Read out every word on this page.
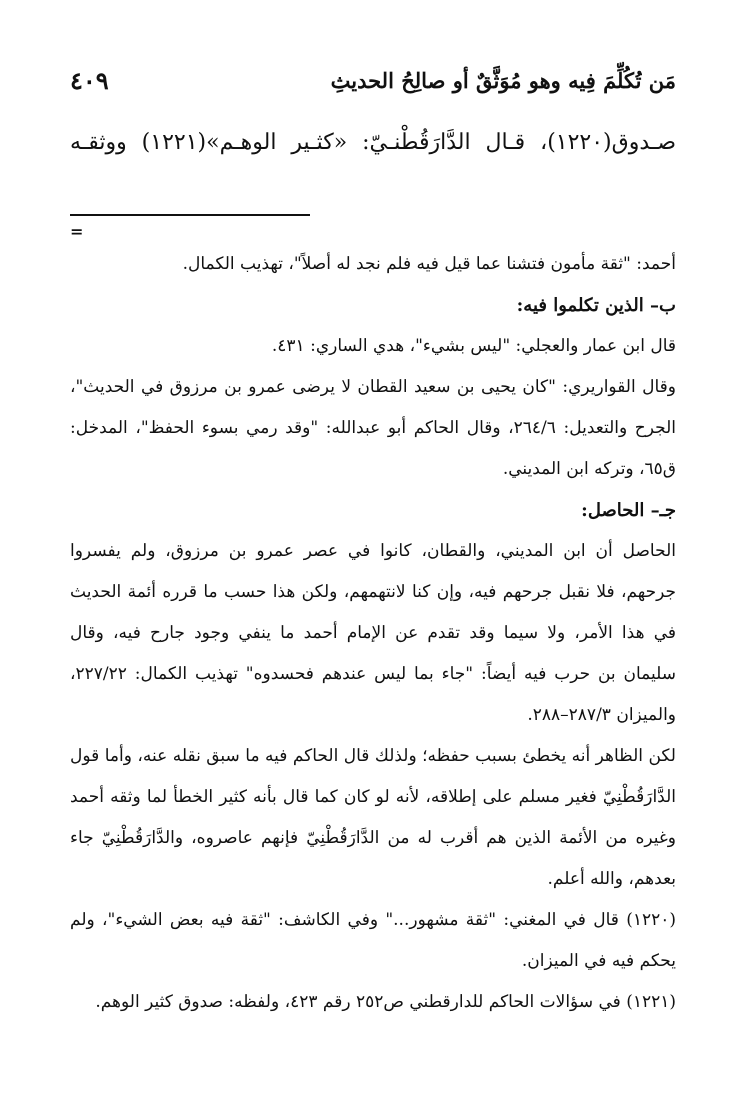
مَن تُكُلِّمَ فِيه وهو مُوَثَّقٌ أو صالِحُ الحديثِ
٤٠٩
صـدوق(١٢٢٠)، قـال الدَّارَقُطْنـيّ: «كثـير الوهـم»(١٢٢١) ووثقـه
=

أحمد: "ثقة مأمون فتشنا عما قيل فيه فلم نجد له أصلاً"، تهذيب الكمال.

ب– الذين تكلموا فيه:

قال ابن عمار والعجلي: "ليس بشيء"، هدي الساري: ٤٣١.

وقال القواريري: "كان يحيى بن سعيد القطان لا يرضى عمرو بن مرزوق في الحديث"، الجرح والتعديل: ٢٦٤/٦، وقال الحاكم أبو عبدالله: "وقد رمي بسوء الحفظ"، المدخل: ق٦٥، وتركه ابن المديني.

جـ– الحاصل:

الحاصل أن ابن المديني، والقطان، كانوا في عصر عمرو بن مرزوق، ولم يفسروا جرحهم، فلا نقبل جرحهم فيه، وإن كنا لانتهمهم، ولكن هذا حسب ما قرره أئمة الحديث في هذا الأمر، ولا سيما وقد تقدم عن الإمام أحمد ما ينفي وجود جارح فيه، وقال سليمان بن حرب فيه أيضاً: "جاء بما ليس عندهم فحسدوه" تهذيب الكمال: ٢٢٧/٢٢، والميزان ٢٨٧/٣–٢٨٨.

لكن الظاهر أنه يخطئ بسبب حفظه؛ ولذلك قال الحاكم فيه ما سبق نقله عنه، وأما قول الدَّارَقُطْنِيّ فغير مسلم على إطلاقه، لأنه لو كان كما قال بأنه كثير الخطأ لما وثقه أحمد وغيره من الأئمة الذين هم أقرب له من الدَّارَقُطْنِيّ فإنهم عاصروه، والدَّارَقُطْنِيّ جاء بعدهم، والله أعلم.

(١٢٢٠) قال في المغني: "ثقة مشهور..." وفي الكاشف: "ثقة فيه بعض الشيء"، ولم يحكم فيه في الميزان.

(١٢٢١) في سؤالات الحاكم للدارقطني ص٢٥٢ رقم ٤٢٣، ولفظه: صدوق كثير الوهم.
